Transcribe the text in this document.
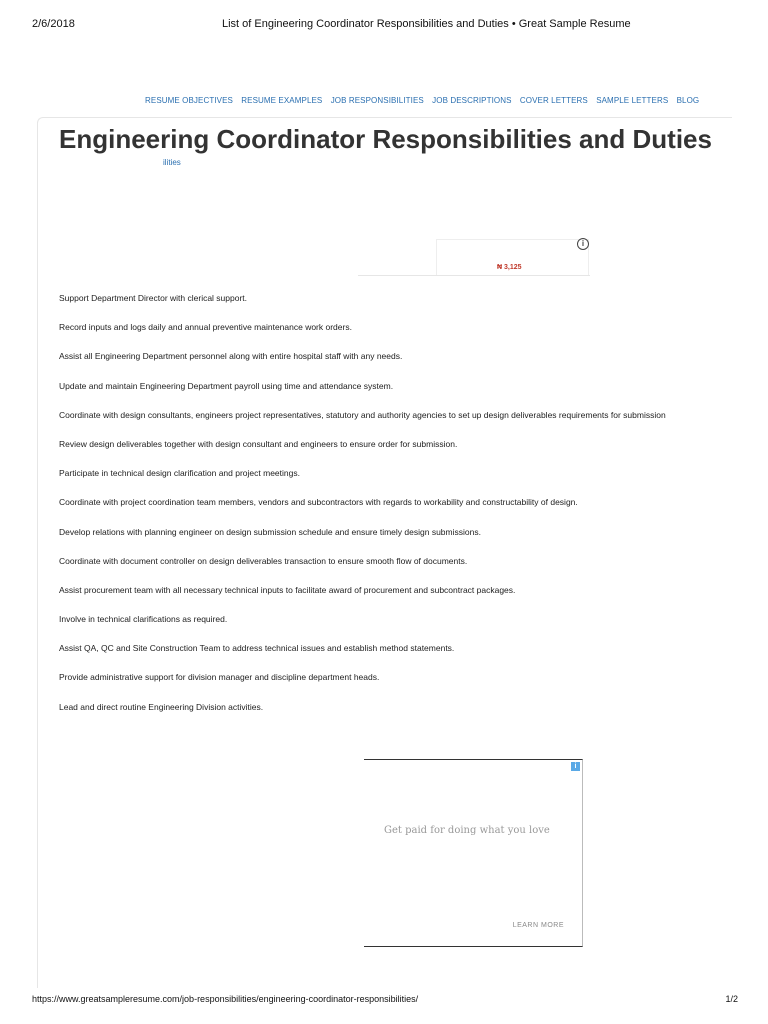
2/6/2018	List of Engineering Coordinator Responsibilities and Duties • Great Sample Resume
RESUME OBJECTIVES RESUME EXAMPLES JOB RESPONSIBILITIES JOB DESCRIPTIONS COVER LETTERS SAMPLE LETTERS BLOG
Engineering Coordinator Responsibilities and Duties
ilities
i
₦ 3,125
Support Department Director with clerical support.
Record inputs and logs daily and annual preventive maintenance work orders.
Assist all Engineering Department personnel along with entire hospital staff with any needs.
Update and maintain Engineering Department payroll using time and attendance system.
Coordinate with design consultants, engineers project representatives, statutory and authority agencies to set up design deliverables requirements for submission
Review design deliverables together with design consultant and engineers to ensure order for submission.
Participate in technical design clarification and project meetings.
Coordinate with project coordination team members, vendors and subcontractors with regards to workability and constructability of design.
Develop relations with planning engineer on design submission schedule and ensure timely design submissions.
Coordinate with document controller on design deliverables transaction to ensure smooth flow of documents.
Assist procurement team with all necessary technical inputs to facilitate award of procurement and subcontract packages.
Involve in technical clarifications as required.
Assist QA, QC and Site Construction Team to address technical issues and establish method statements.
Provide administrative support for division manager and discipline department heads.
Lead and direct routine Engineering Division activities.
i
Get paid for doing what you love
LEARN MORE
https://www.greatsampleresume.com/job-responsibilities/engineering-coordinator-responsibilities/	1/2
